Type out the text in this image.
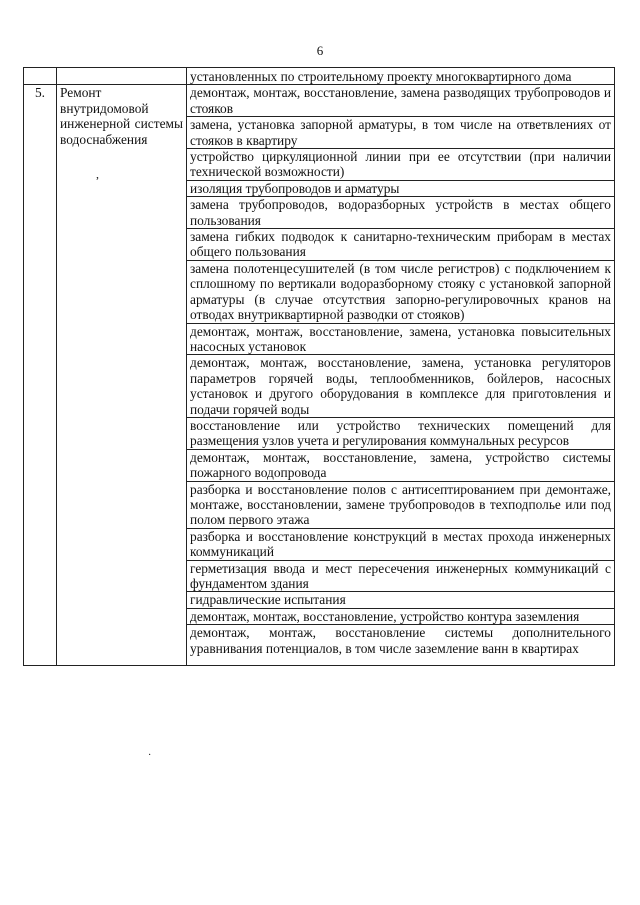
6
		установленных по строительному проекту многоквартирного дома
5.	Ремонт внутридомовой инженерной системы водоснабжения	демонтаж, монтаж, восстановление, замена разводящих трубопроводов и стояков
		замена, установка запорной арматуры, в том числе на ответвлениях от стояков в квартиру
		устройство циркуляционной линии при ее отсутствии (при наличии технической возможности)
		изоляция трубопроводов и арматуры
		замена трубопроводов, водоразборных устройств в местах общего пользования
		замена гибких подводок к санитарно-техническим приборам в местах общего пользования
		замена полотенцесушителей (в том числе регистров) с подключением к сплошному по вертикали водоразборному стояку с установкой запорной арматуры (в случае отсутствия запорно-регулировочных кранов на отводах внутриквартирной разводки от стояков)
		демонтаж, монтаж, восстановление, замена, установка повысительных насосных установок
		демонтаж, монтаж, восстановление, замена, установка регуляторов параметров горячей воды, теплообменников, бойлеров, насосных установок и другого оборудования в комплексе для приготовления и подачи горячей воды
		восстановление или устройство технических помещений для размещения узлов учета и регулирования коммунальных ресурсов
		демонтаж, монтаж, восстановление, замена, устройство системы пожарного водопровода
		разборка и восстановление полов с антисептированием при демонтаже, монтаже, восстановлении, замене трубопроводов в техподполье или под полом первого этажа
		разборка и восстановление конструкций в местах прохода инженерных коммуникаций
		герметизация ввода и мест пересечения инженерных коммуникаций с фундаментом здания
		гидравлические испытания
		демонтаж, монтаж, восстановление, устройство контура заземления
		демонтаж, монтаж, восстановление системы дополнительного уравнивания потенциалов, в том числе заземление ванн в квартирах
,
·
